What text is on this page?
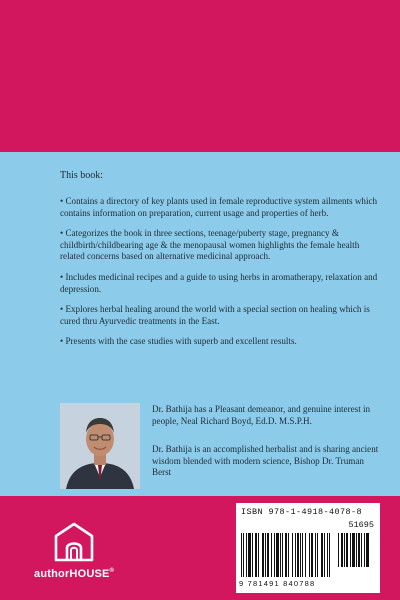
This book:
• Contains a directory of key plants used in female reproductive system ailments which contains information on preparation, current usage and properties of herb.
• Categorizes the book in three sections, teenage/puberty stage, pregnancy & childbirth/childbearing age & the menopausal women highlights the female health related concerns based on alternative medicinal approach.
• Includes medicinal recipes and a guide to using herbs in aromatherapy, relaxation and depression.
• Explores herbal healing around the world with a special section on healing which is cured thru Ayurvedic treatments in the East.
• Presents with the case studies with superb and excellent results.

Dr. Bathija has a Pleasant demeanor, and genuine interest in people, Neal Richard Boyd, Ed.D. M.S.P.H.

Dr. Bathija is an accomplished herbalist and is sharing ancient wisdom blended with modern science, Bishop Dr. Truman Berst

authorHOUSE®
ISBN 978-1-4918-4078-8
51695
9 781491 840788
